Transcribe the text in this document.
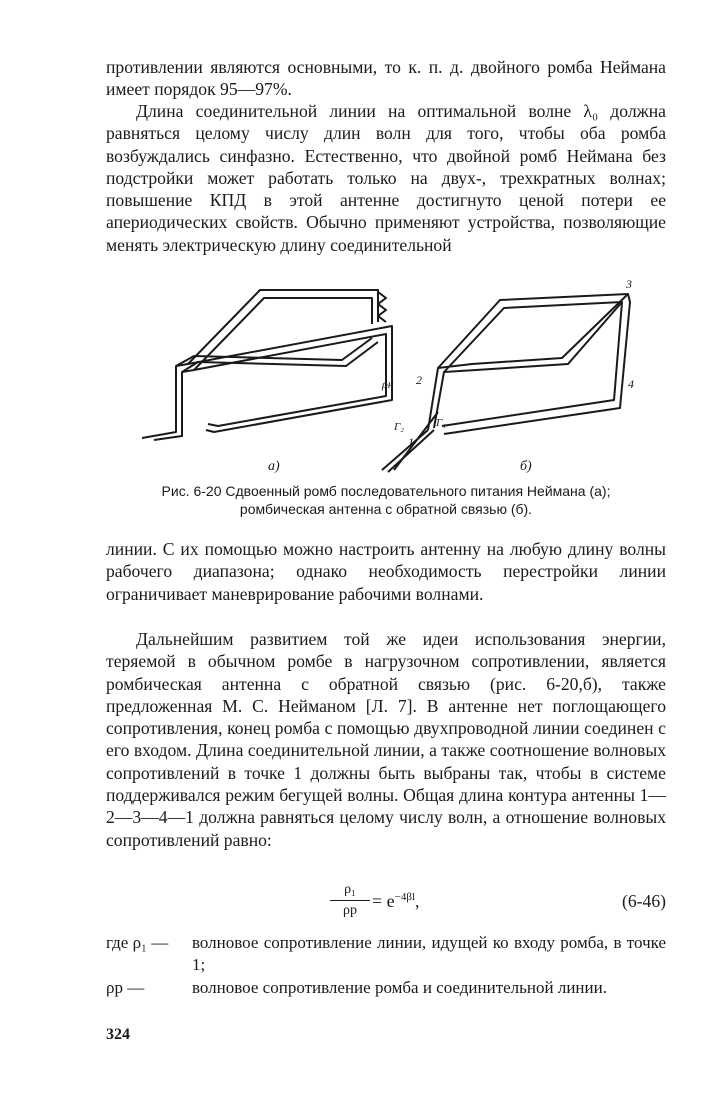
противлении являются основными, то к. п. д. двойного ромба Неймана имеет порядок 95—97%.

Длина соединительной линии на оптимальной волне λ₀ должна равняться целому числу длин волн для того, чтобы оба ромба возбуждались синфазно. Естественно, что двойной ромб Неймана без подстройки может работать только на двух-, трехкратных волнах; повышение КПД в этой антенне достигнуто ценой потери ее апериодических свойств. Обычно применяют устройства, позволяющие менять электрическую длину соединительной

ρн
а)	б)
1
2
3
4
Γ₁
Γ₂
Рис. 6-20 Сдвоенный ромб последовательного питания Неймана (а); ромбическая антенна с обратной связью (б).

линии. С их помощью можно настроить антенну на любую длину волны рабочего диапазона; однако необходимость перестройки линии ограничивает маневрирование рабочими волнами.

Дальнейшим развитием той же идеи использования энергии, теряемой в обычном ромбе в нагрузочном сопротивлении, является ромбическая антенна с обратной связью (рис. 6-20,б), также предложенная М. С. Нейманом [Л. 7]. В антенне нет поглощающего сопротивления, конец ромба с помощью двухпроводной линии соединен с его входом. Длина соединительной линии, а также соотношение волновых сопротивлений в точке 1 должны быть выбраны так, чтобы в системе поддерживался режим бегущей волны. Общая длина контура антенны 1—2—3—4—1 должна равняться целому числу волн, а отношение волновых сопротивлений равно:

ρ₁
$\rho р = e^{-4\beta l}$,	(6-46)
где ρ₁ — волновое сопротивление линии, идущей ко входу ромба, в точке 1;
ρр —	волновое сопротивление ромба и соединительной линии.
324
